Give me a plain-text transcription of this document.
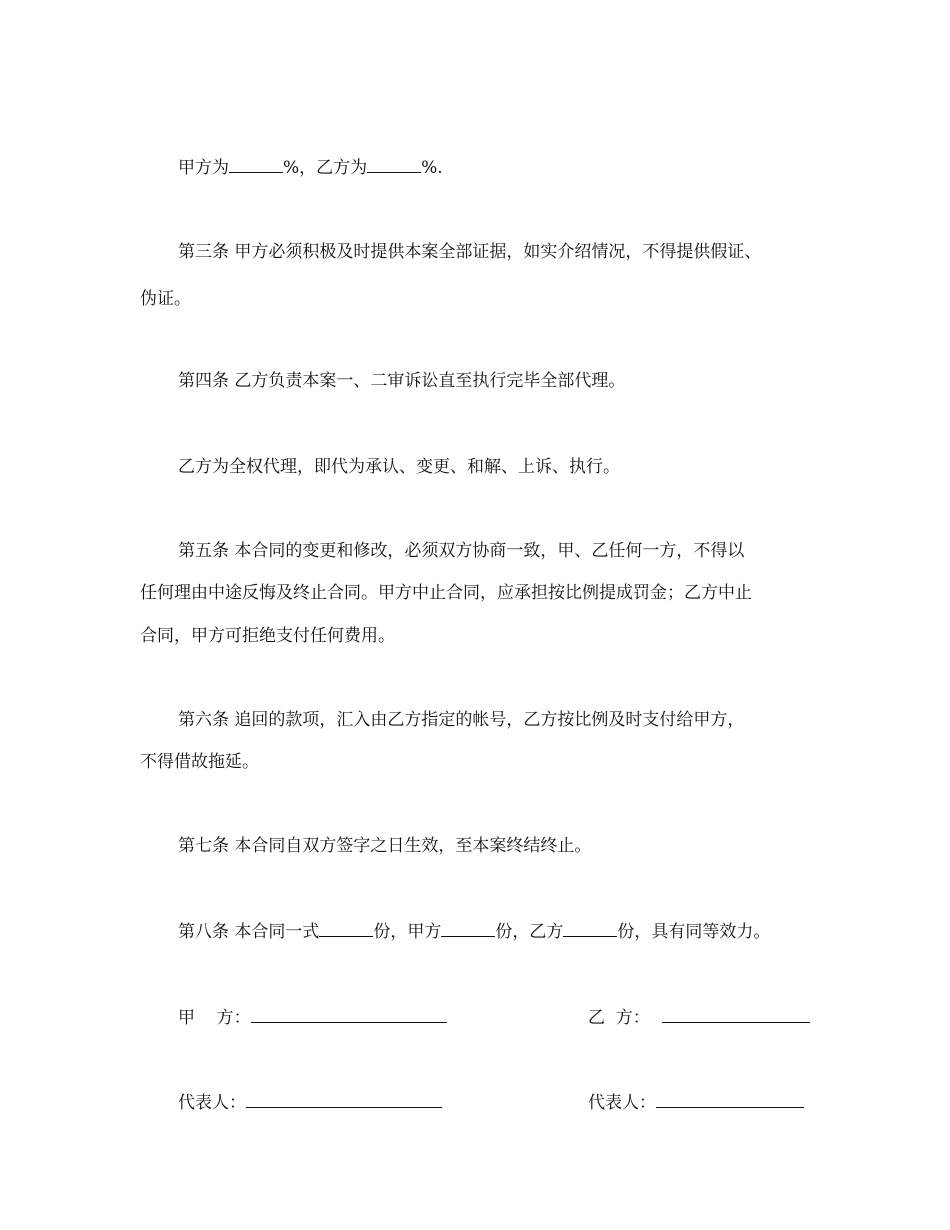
甲方为	%，乙方为	%.
第三条 甲方必须积极及时提供本案全部证据，如实介绍情况，不得提供假证、
伪证。
第四条 乙方负责本案一、二审诉讼直至执行完毕全部代理。
乙方为全权代理，即代为承认、变更、和解、上诉、执行。
第五条 本合同的变更和修改，必须双方协商一致，甲、乙任何一方，不得以
任何理由中途反悔及终止合同。甲方中止合同，应承担按比例提成罚金；乙方中止
合同，甲方可拒绝支付任何费用。
第六条 追回的款项，汇入由乙方指定的帐号，乙方按比例及时支付给甲方，
不得借故拖延。
第七条 本合同自双方签字之日生效，至本案终结终止。
第八条 本合同一式	份，甲方	份，乙方	份，具有同等效力。
甲    方：	乙  方：
代表人：	代表人：
